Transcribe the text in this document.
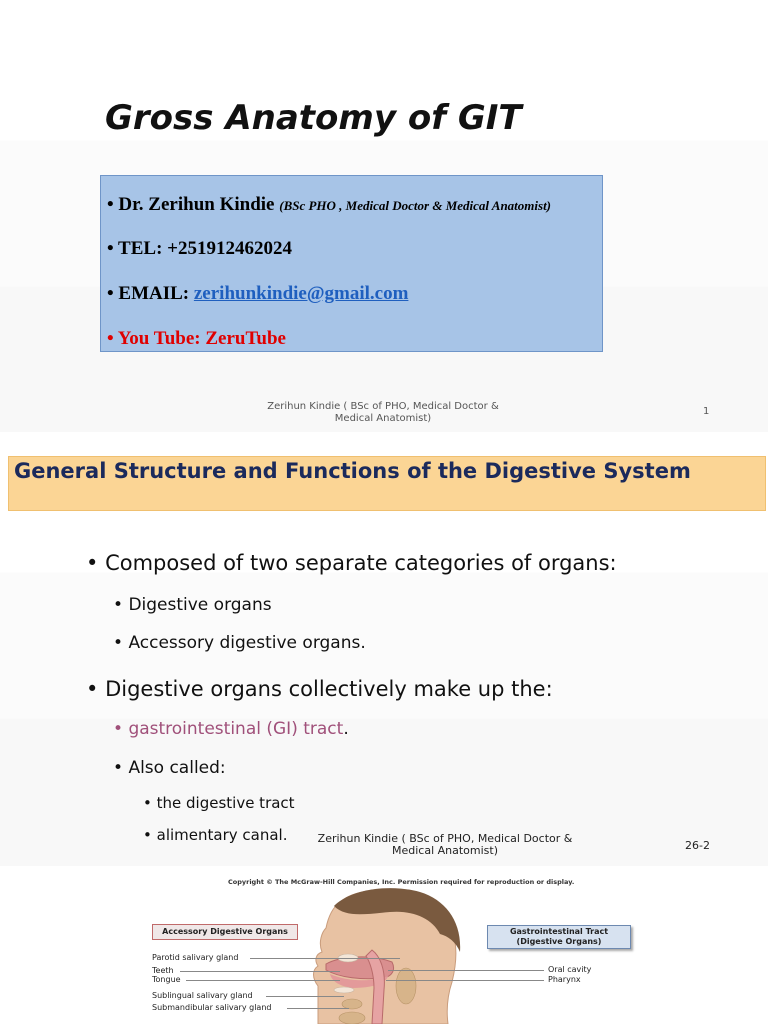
Gross Anatomy of GIT
• Dr. Zerihun Kindie (BSc PHO , Medical Doctor & Medical Anatomist)
• TEL: +251912462024
• EMAIL: zerihunkindie@gmail.com
• You Tube: ZeruTube
Zerihun Kindie ( BSc of PHO, Medical Doctor &
Medical Anatomist)
1
General Structure and Functions of the Digestive System
• Composed of two separate categories of organs:
• Digestive organs
• Accessory digestive organs.
• Digestive organs collectively make up the:
• gastrointestinal (GI) tract.
• Also called:
• the digestive tract
• alimentary canal.	Zerihun Kindie ( BSc of PHO, Medical Doctor &
Medical Anatomist)	26-2
Copyright © The McGraw-Hill Companies, Inc. Permission required for reproduction or display.
Accessory Digestive Organs	Gastrointestinal Tract
(Digestive Organs)
Parotid salivary gland
Teeth
Tongue
Sublingual salivary gland
Submandibular salivary gland
Oral cavity
Pharynx
